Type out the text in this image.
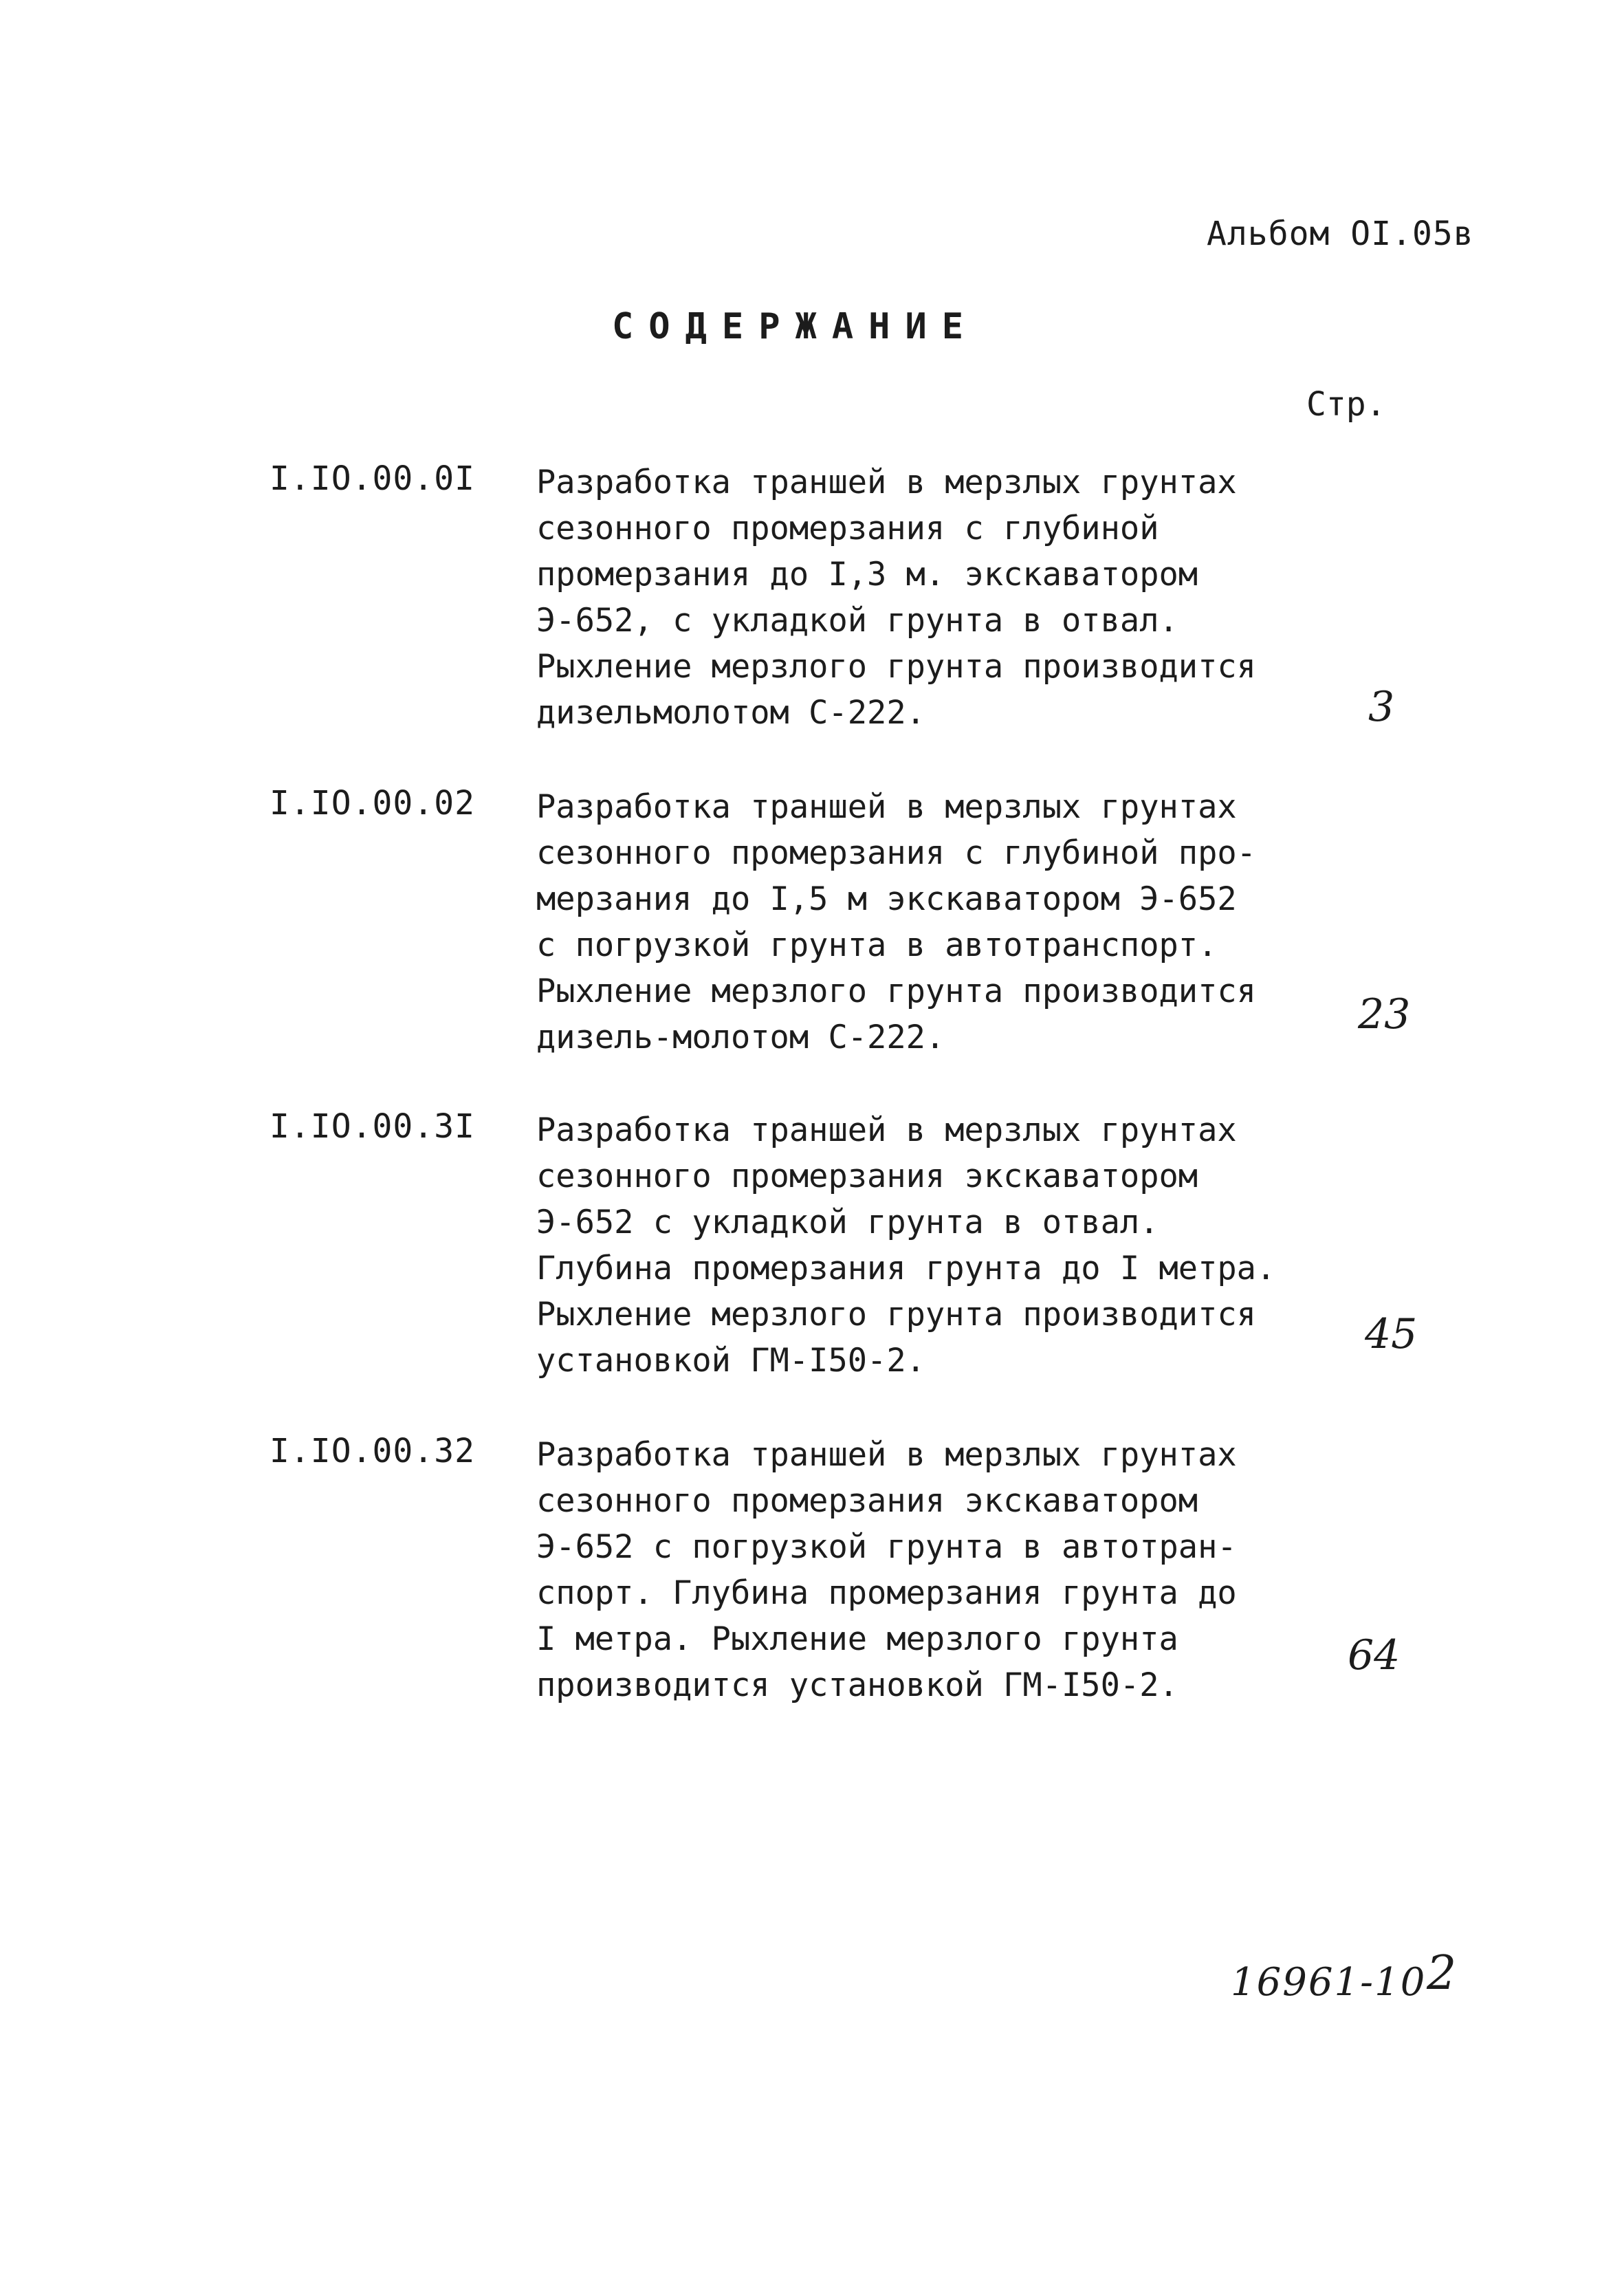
Альбом OI.05в
СОДЕРЖАНИЕ
Стр.
I.IO.00.0I Разработка траншей в мерзлых грунтах
сезонного промерзания с глубиной
промерзания до I,3 м. экскаватором
Э-652, с укладкой грунта в отвал.
Рыхление мерзлого грунта производится
дизельмолотом С-222.	3
I.IO.00.02 Разработка траншей в мерзлых грунтах
сезонного промерзания с глубиной про-
мерзания до I,5 м экскаватором Э-652
с погрузкой грунта в автотранспорт.
Рыхление мерзлого грунта производится
дизель-молотом С-222.	23
I.IO.00.3I Разработка траншей в мерзлых грунтах
сезонного промерзания экскаватором
Э-652 с укладкой грунта в отвал.
Глубина промерзания грунта до I метра.
Рыхление мерзлого грунта производится
установкой ГМ-I50-2.
45
I.IO.00.32 Разработка траншей в мерзлых грунтах
сезонного промерзания экскаватором
Э-652 с погрузкой грунта в автотран-
спорт. Глубина промерзания грунта до
I метра. Рыхление мерзлого грунта
производится установкой ГМ-I50-2.
64
16961-10 2
